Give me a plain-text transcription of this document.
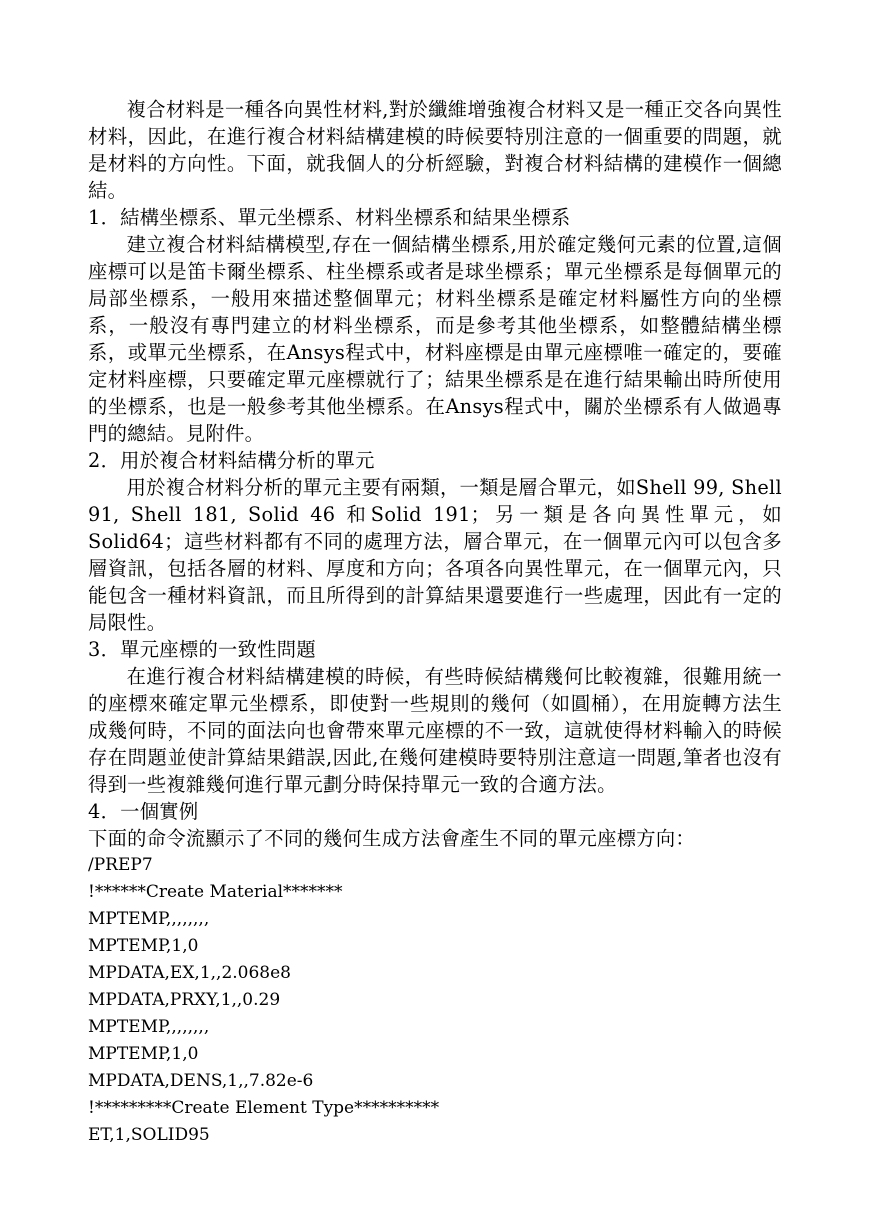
複合材料是一種各向異性材料,對於纖維增強複合材料又是一種正交各向異性材料，因此，在進行複合材料結構建模的時候要特別注意的一個重要的問題，就是材料的方向性。下面，就我個人的分析經驗，對複合材料結構的建模作一個總結。

1．結構坐標系、單元坐標系、材料坐標系和結果坐標系

建立複合材料結構模型,存在一個結構坐標系,用於確定幾何元素的位置,這個座標可以是笛卡爾坐標系、柱坐標系或者是球坐標系；單元坐標系是每個單元的局部坐標系，一般用來描述整個單元；材料坐標系是確定材料屬性方向的坐標系，一般沒有專門建立的材料坐標系，而是參考其他坐標系，如整體結構坐標系，或單元坐標系，在Ansys程式中，材料座標是由單元座標唯一確定的，要確定材料座標，只要確定單元座標就行了；結果坐標系是在進行結果輸出時所使用的坐標系，也是一般參考其他坐標系。在Ansys程式中，關於坐標系有人做過專門的總結。見附件。

2．用於複合材料結構分析的單元

用於複合材料分析的單元主要有兩類，一類是層合單元，如Shell 99, Shell 91, Shell 181, Solid 46 和Solid 191；另一類是各向異性單元，如Solid64；這些材料都有不同的處理方法，層合單元，在一個單元內可以包含多層資訊，包括各層的材料、厚度和方向；各項各向異性單元，在一個單元內，只能包含一種材料資訊，而且所得到的計算結果還要進行一些處理，因此有一定的局限性。

3．單元座標的一致性問題

在進行複合材料結構建模的時候，有些時候結構幾何比較複雜，很難用統一的座標來確定單元坐標系，即使對一些規則的幾何（如圓桶），在用旋轉方法生成幾何時，不同的面法向也會帶來單元座標的不一致，這就使得材料輸入的時候存在問題並使計算結果錯誤,因此,在幾何建模時要特別注意這一問題,筆者也沒有得到一些複雜幾何進行單元劃分時保持單元一致的合適方法。

4．一個實例

下面的命令流顯示了不同的幾何生成方法會產生不同的單元座標方向：

/PREP7

!******Create Material*******

MPTEMP,,,,,,,,

MPTEMP,1,0

MPDATA,EX,1,,2.068e8

MPDATA,PRXY,1,,0.29

MPTEMP,,,,,,,,

MPTEMP,1,0

MPDATA,DENS,1,,7.82e-6

!*********Create Element Type**********

ET,1,SOLID95
